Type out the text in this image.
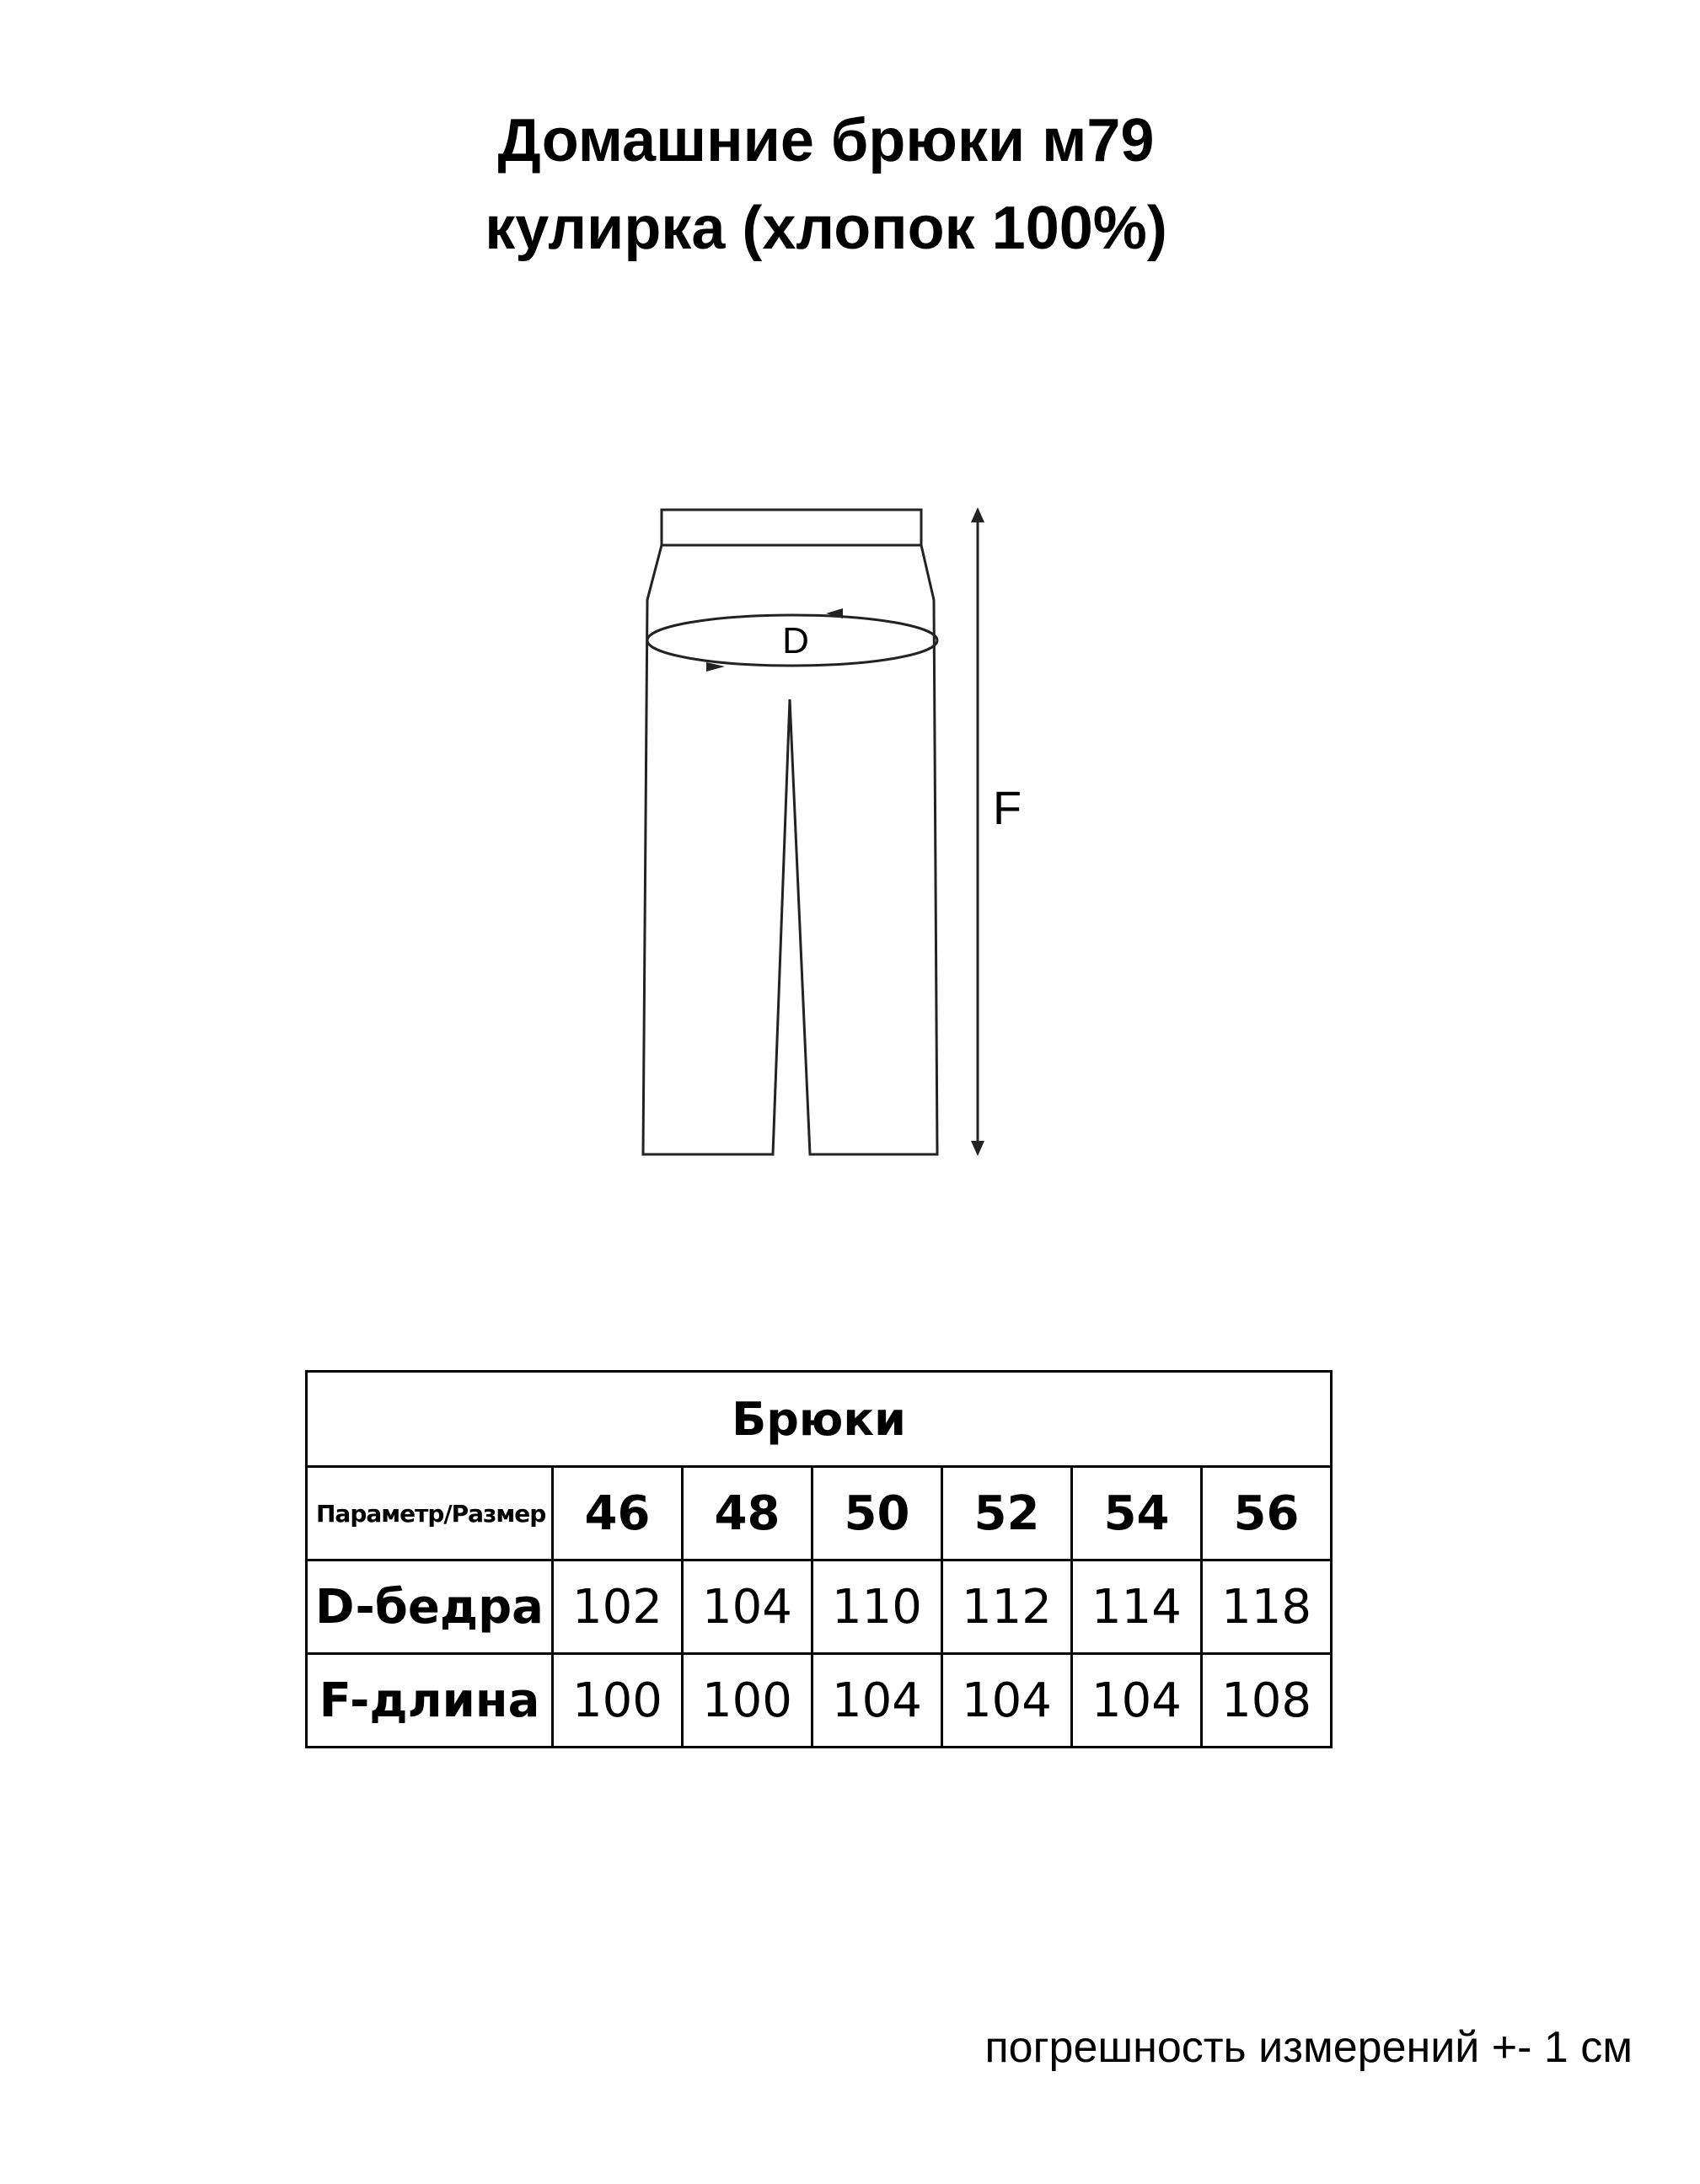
Домашние брюки м79
кулирка (хлопок 100%)
D
F
Брюки						
Параметр/Размер	46	48	50	52	54	56
D-бедра	102	104	110	112	114	118
F-длина	100	100	104	104	104	108
погрешность измерений +- 1 см
